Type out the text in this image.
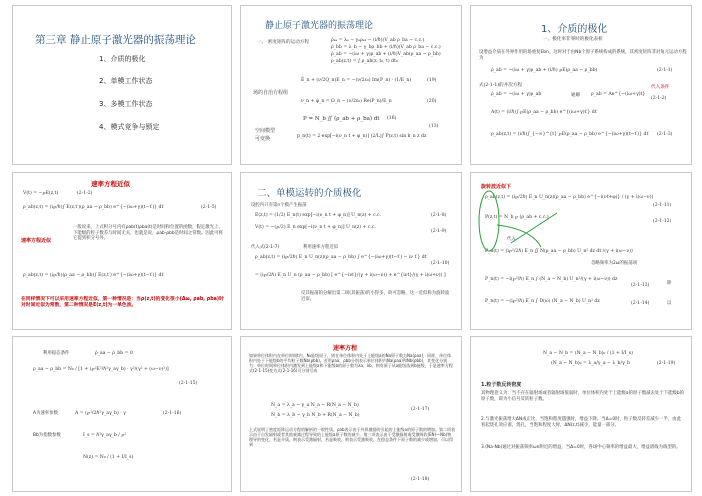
第三章 静止原子激光器的振荡理论
1、介质的极化
2、单模工作状态
3、多模工作状态
4、模式竞争与锁定
静止原子激光器的振荡理论
一、 密度矩阵的运动方程	ρ̇ₐₐ = λₐ − γₐρₐₐ − (i/ℏ)(V_ab ρ_ba − c.c.)
ρ̇_bb = λ_b − γ_bρ_bb + (i/ℏ)(V_ab ρ_ba − c.c.)
ρ̇_ab = −(iω + γ)ρ_ab + (i/ℏ)V_ab(ρ_aa − ρ_bb)
ρ_ab(z,t) = ∫ ρ_ab(z, t₀, t) dt₀
Ė_n + (ν/2Q_n)E_n = −(ν/2ε₀) Im(P_n) · (1/E_n)	(19)
场的自治方程组
ν_n + φ̇_n = Ω_n − (ν/2ε₀) Re(P_n)/E_n	(20)
P = N_b ∬ (ρ_ab + ρ_ba) dt (16)
(13)
空间模型
可变换	p_n(t) = 2·exp[−i(ν_n t + φ_n)] (2/L)∫ P(z,t) sin k_n z dz
1、介质的极化
一、极化率非零时的极化表析
设增益介质在外界作用的场重复Ebn，这时对于由Nb个原子系统构成的系统，其密度矩阵非对角元运动方程为
ρ̇_ab = −(iω + γ)ρ_ab + (i/ℏ) ℘E(ρ_aa − ρ_bb)	(2-1-1)
式(2-1-1)的并次方程
ρ̇_ab = −(iω + γ)ρ_ab	通解 ρ_ab = Ae^{−(iω+γ)t}
(2-1-2)
代入条件
A(t) = (i/ℏ)∫ ℘E(ρ_aa − ρ_bb) e^{(iω+γ)t′} dt′
ρ_ab(z,t) = (i/ℏ)∫_{−∞}^{t} ℘E(ρ_aa − ρ_bb) e^{−(iω+γ)(t−t′)} dt′ (2-1-3)
速率方程近似
V(t) = −℘E(z,t)	(2-1-2)
ρ_ab(z,t) = (i℘/ℏ)∫ E(z,t′)(ρ_aa − ρ_bb) e^{−(iω+γ)(t−t′)} dt′	(2-1-5)
速率方程近似
一般说来，上式积分号内有ρab(t)ρba(t)是时间和位置的函数，假定激光上、下能级的粒子数差与时间无关，也就是说，ρab-ρbb是时间之常数。因此可将它提到积分号外。
ρ_ab(z,t) = (i℘/ℏ)(ρ_aa − ρ_bb)∫ E(z,t′) e^{−(iω+γ)(t−t′)} dt′
在同样情况下可以采用速率方程近似，第一种情况是：当ρ(z,t)的变化很小(Δω, ρab, ρba)时对时间近似为常数，第二种情况是E(z,t)为一单色波。
二、单模运转的介质极化
设腔内只有第n个模产生振荡
E(z,t) = (1/2) E_n(t) exp[−i(ν_n t + φ_n)] U_n(z) + c.c.	(2-1-8)
V(t) = −(℘/2) E_n exp[−i(ν_n t + φ_n)] U_n(z) + c.c.
(2-1-9)
代入式(2-1-7)	利用速率方程近似
ρ_ab(z,t) = (i℘/2ℏ) E_n U_n(z)(ρ_aa − ρ_bb) ∫ e^{−(iω+γ)(t−t′) − iν t′} dt′
(2-1-10)
= (i℘/2ℏ) E_n U_n (ρ_aa − ρ_bb) [ e^{−iνt}/(γ + i(ω−ν)) + e^{iνt}/(γ + i(ω+ν)) ]
反其振荡的分解出第二项(其振荡)的小得多，故可忽略，这一近似称为旋转波近似。
旋转波近似下
ρ_ab(z,t) = (i℘/2ℏ) E_n U_n(z)(ρ_aa − ρ_bb) e^{−i(νt+φ)} / (γ + i(ω−ν))
(2-1-11)
P(z,t) = N_b ℘ (ρ_ab + c.c.)
(2-1-12)
代入
P_n(t) = (i℘²/2ℏ) E_n ∬ N(ρ_aa − ρ_bb) U_n² dz dt /(γ + i(ω−ν))
忽略频率为2ω的振荡项
P_n(t) = −i(℘²/ℏ) E_n ∫ (N_a − N_b) U_n²/(γ + i(ω−ν)) dz
(2-1-13)	除
P_n(t) = −(i℘²/ℏ) E_n ∫ D(ω) (N_a − N_b) U_n² dz	(2-1-14)	以
利用稳态条件	ρ̇_aa − ρ̇_bb = 0
ρ_aa − ρ_bb = N₀ / [1 + (℘²E²/ℏ²γ_aγ_b) · γ²/(γ² + (ω−ν)²)]
(2-1-15)
A为速率参数	A = (℘²/2ℏ²γ_aγ_b) · γ	(2-1-16)
Bb为指数参数	I_s = ℏ²γ_aγ_b / ℘²
N(z) = N₀ / (1 + I/I_s)
速率方程
如果单位体积内在单位时间t内，N₁能级原子，则在单位体积内处于上能级a的Na原子数为Na(ρaa)，同样，单位体积内处于下能级b的平均粒子数Nb(ρbb)。若用ρaa、ρbb分别表示单位体积内Na(ρaa)和Nb(ρbb)，其变化分别为：单位时间单位体积内激发到上能级a和下能级b的原子数为λa、λb，则有原子从a能级落到b能级，于是速率方程式(2-1-15)变为式(2-1-16)可分别写成
Ṅ_a = λ_a − γ_a N_a − R(N_a − N_b)
(2-1-17)
Ṅ_b = λ_b − γ_b N_b + R(N_a − N_b)
上式说明了密度矩阵运动方程的解析的一般性质。ρab表示由于外界激励的引起的上能级a的原子数的增加。第二项表示由于自发辐射或者其他衰减过程导致的上能级a原子数的减少。第三项表示由于受激辐射或受激吸收(EN)—Nb)物理导的变化。若是介质，则表示受激辐射，若是吸收，则表示受激吸收，在稳态条件下原子数的减少或增加，可以得到
(2-1-18)
N_a − N_b = (N_a − N_b)₀ / (1 + I/I_s)
(N_a − N_b)₀ = λ_a/γ_a − λ_b/γ_b	(2-1-19)
1.粒子数反转密度
其物理意义为：当不存在辐射场或者辐射场很弱时，单位体积内处于上能级a的原子数减去处于下能级b的原子数，即为小信号反转粒子数。
2.与激光振荡增大ΔN成正比，当饱和程度越强时，增益下降。当Δ=0时，粒子数反转差减少一半，由此看起烧孔效应谱，烧孔，当饱和程度大时，ΔN(z,t)减少，能量一部分。
3.(Na-Nb)通过对振荡频率ωn附近的增益，当Δ=0时，各场中心频率的增益最大，增益谱线为线型的。
